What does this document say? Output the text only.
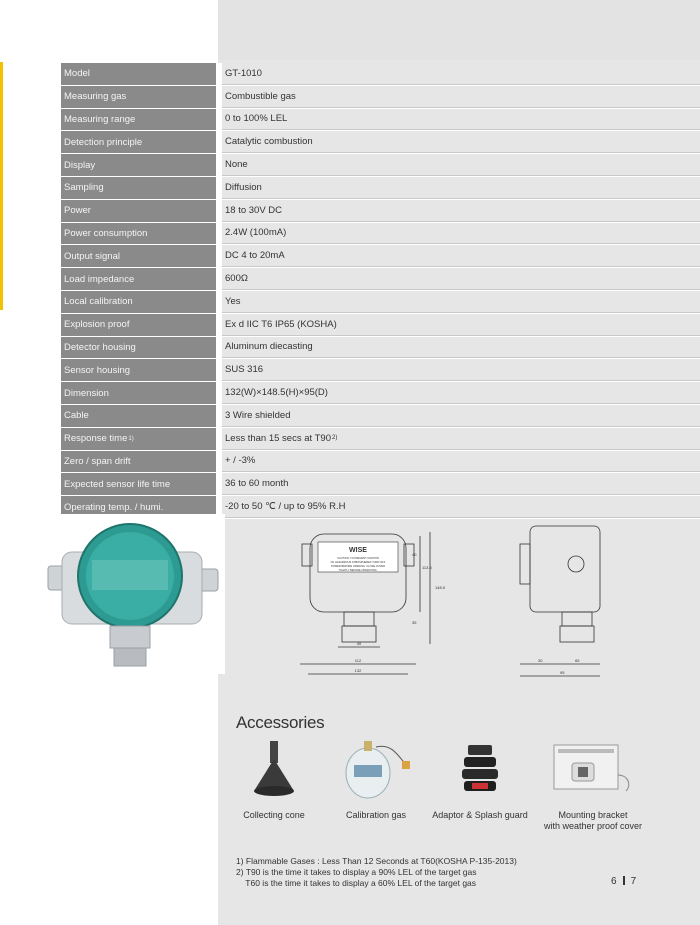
Model	GT-1010
Measuring gas	Combustible gas
Measuring range	0 to 100% LEL
Detection principle	Catalytic combustion
Display	None
Sampling	Diffusion
Power	18 to 30V DC
Power consumption	2.4W (100mA)
Output signal	DC 4 to 20mA
Load impedance	600Ω
Local calibration	Yes
Explosion proof	Ex d IIC T6 IP65 (KOSHA)
Detector housing	Aluminum diecasting
Sensor housing	SUS 316
Dimension	132(W)×148.5(H)×95(D)
Cable	3 Wire shielded
Response time 1)	Less than 15 secs at T90 2)
Zero / span drift	+ / -3%
Expected sensor life time	36 to 60 month
Operating temp. / humi.	-20 to 50 ℃ / up to 95% R.H
WISE
CAUTION: TO PREVENT IGNITION
OF HAZARDOUS ATMOSPHERES TURN OFF
POWER BEFORE OPENING. CLOSE COVER
TIGHTLY BEFORE OPERATING.
40
112
132
148.5
113.5
40
35
30	65
95
Accessories
Collecting cone	Calibration gas	Adaptor & Splash guard	Mounting bracket
with weather proof cover
1) Flammable Gases : Less Than 12 Seconds at T60(KOSHA P-135-2013)
2) T90 is the time it takes to display a 90% LEL of the target gas
T60 is the time it takes to display a 60% LEL of the target gas	6 7
